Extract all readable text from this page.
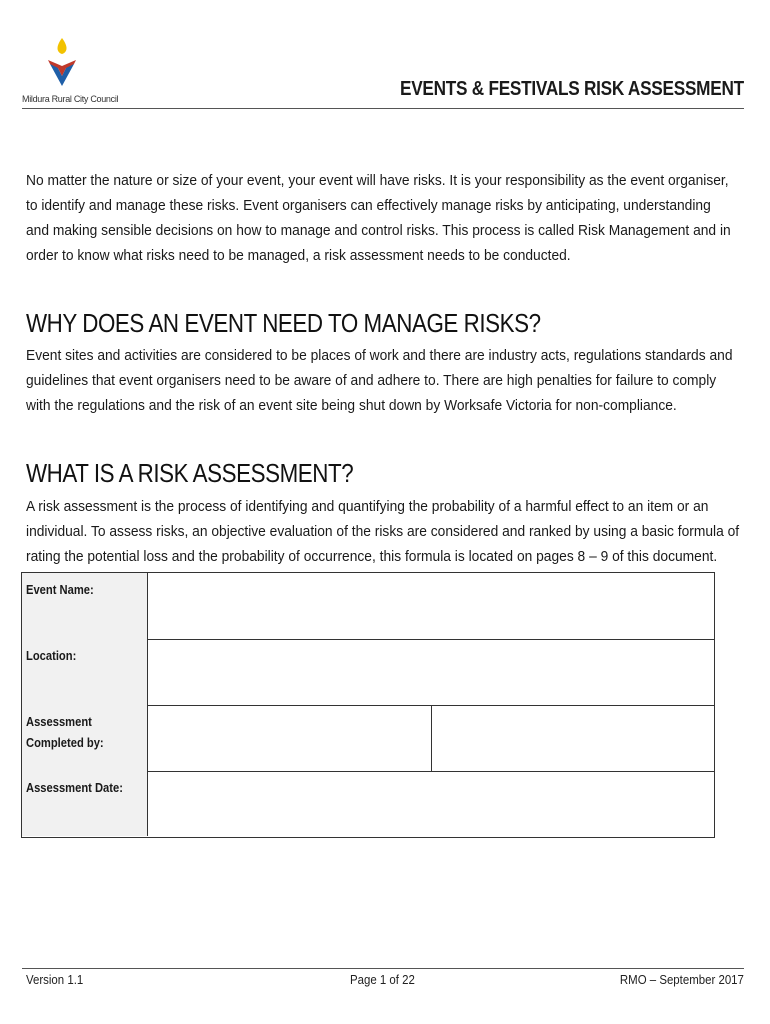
Mildura Rural City Council	EVENTS & FESTIVALS RISK ASSESSMENT

No matter the nature or size of your event, your event will have risks. It is your responsibility as the event organiser, to identify and manage these risks. Event organisers can effectively manage risks by anticipating, understanding and making sensible decisions on how to manage and control risks. This process is called Risk Management and in order to know what risks need to be managed, a risk assessment needs to be conducted.

WHY DOES AN EVENT NEED TO MANAGE RISKS?

Event sites and activities are considered to be places of work and there are industry acts, regulations standards and guidelines that event organisers need to be aware of and adhere to. There are high penalties for failure to comply with the regulations and the risk of an event site being shut down by Worksafe Victoria for non-compliance.

WHAT IS A RISK ASSESSMENT?

A risk assessment is the process of identifying and quantifying the probability of a harmful effect to an item or an individual. To assess risks, an objective evaluation of the risks are considered and ranked by using a basic formula of rating the potential loss and the probability of occurrence, this formula is located on pages 8 – 9 of this document.

Event Name:
Location:
Assessment
Completed by:
Assessment Date:
Version 1.1	Page 1 of 22	RMO – September 2017
